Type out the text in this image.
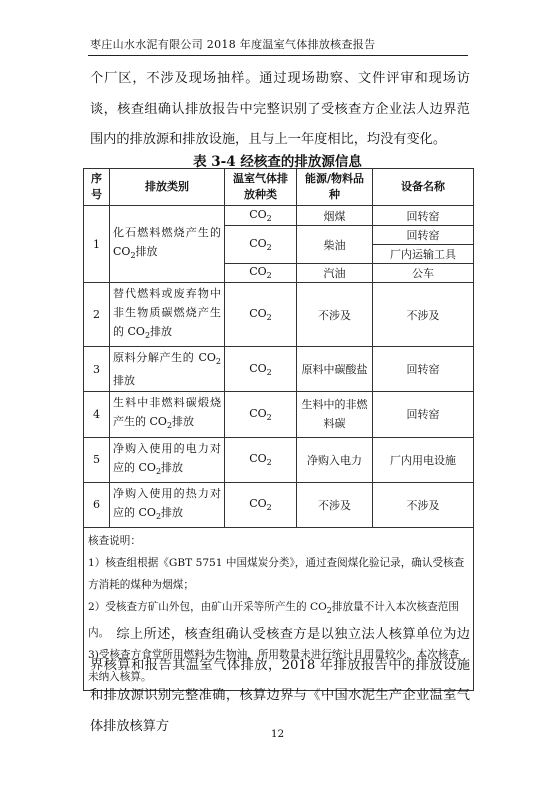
枣庄山水水泥有限公司 2018 年度温室气体排放核查报告
个厂区，不涉及现场抽样。通过现场勘察、文件评审和现场访谈，核查组确认排放报告中完整识别了受核查方企业法人边界范围内的排放源和排放设施，且与上一年度相比，均没有变化。
表 3-4 经核查的排放源信息
序号	排放类别	温室气体排放种类	能源/物料品种	设备名称
1	化石燃料燃烧产生的 $CO_2$排放	$CO_2$	烟煤	回转窑
		$CO_2$	柴油	回转窑
				厂内运输工具
		$CO_2$	汽油	公车
2	替代燃料或废弃物中非生物质碳燃烧产生的 $CO_2$排放	$CO_2$	不涉及	不涉及
3	原料分解产生的 $CO_2$排放	$CO_2$	原料中碳酸盐	回转窑
4	生料中非燃料碳煅烧产生的 $CO_2$排放	$CO_2$	生料中的非燃料碳	回转窑
5	净购入使用的电力对应的 $CO_2$排放	$CO_2$	净购入电力	厂内用电设施
6	净购入使用的热力对应的 $CO_2$排放	$CO_2$	不涉及	不涉及

核查说明：
1）核查组根据《GBT 5751 中国煤炭分类》，通过查阅煤化验记录，确认受核查方消耗的煤种为烟煤；
2）受核查方矿山外包，由矿山开采等所产生的 $CO_2$排放量不计入本次核查范围内。
3)受核查方食堂所用燃料为生物油，所用数量未进行统计且用量较少，本次核查未纳入核算。				
综上所述，核查组确认受核查方是以独立法人核算单位为边界核算和报告其温室气体排放，2018 年排放报告中的排放设施和排放源识别完整准确，核算边界与《中国水泥生产企业温室气体排放核算方
12
